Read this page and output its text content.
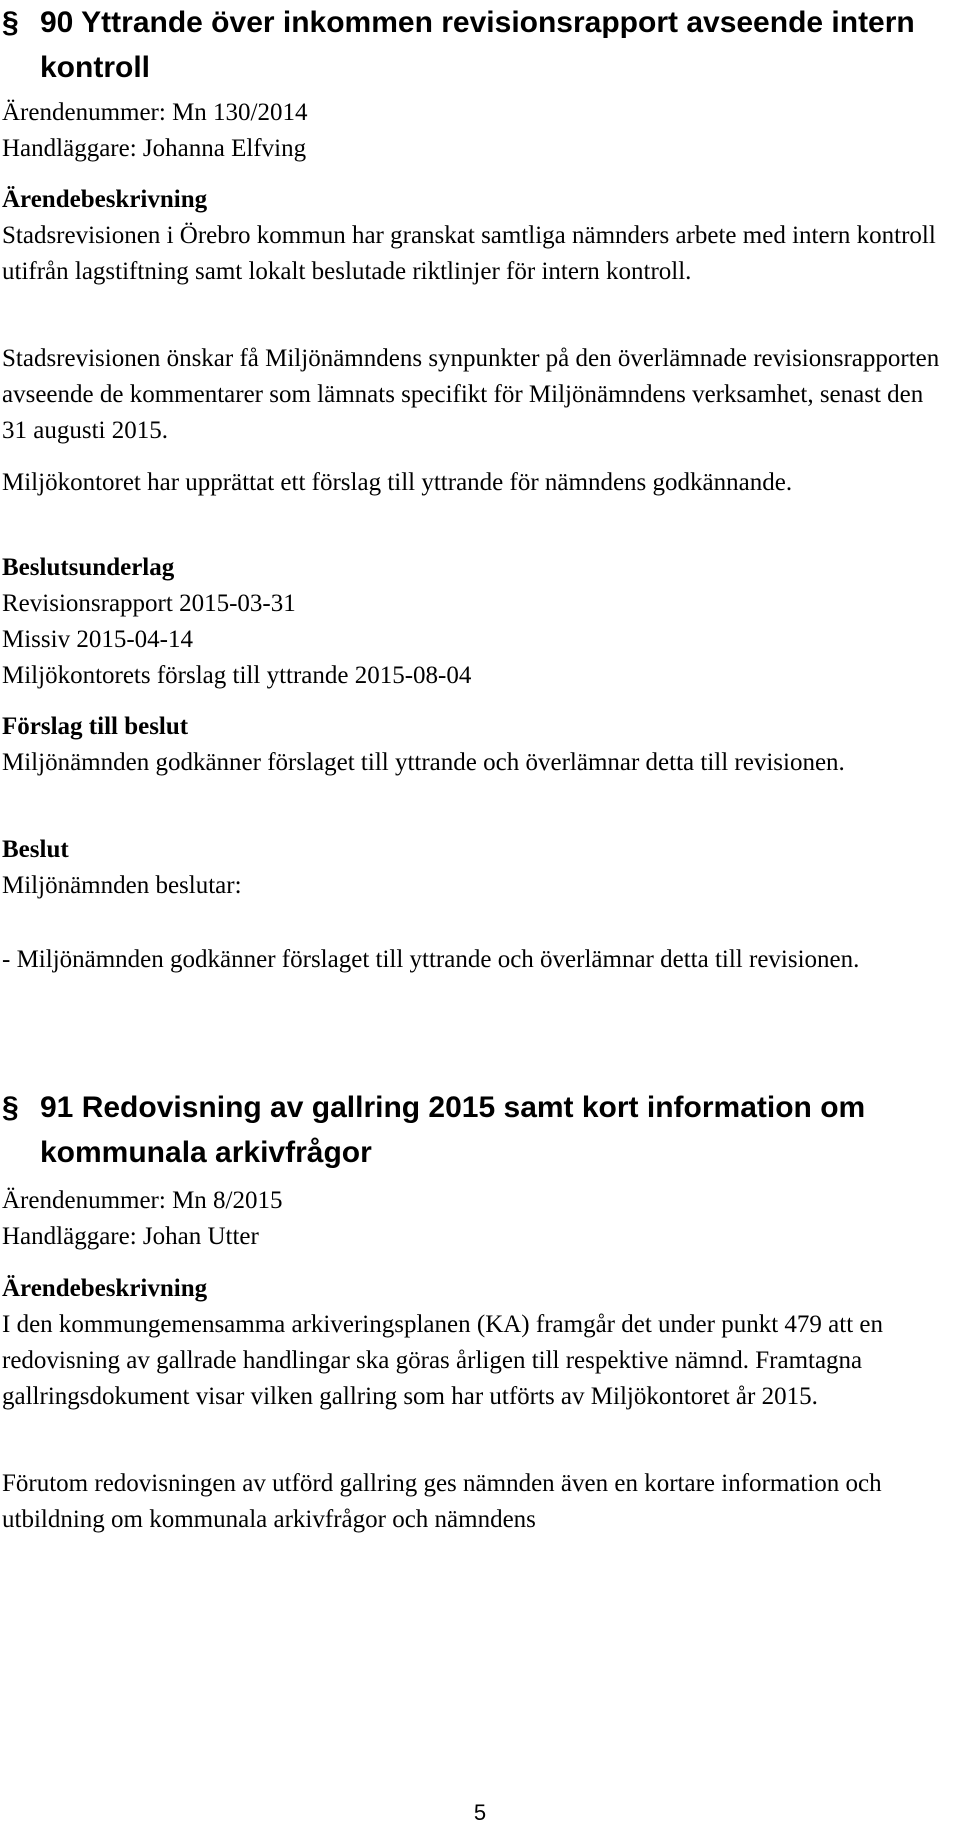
§ 90 Yttrande över inkommen revisionsrapport avseende intern kontroll
Ärendenummer: Mn 130/2014
Handläggare: Johanna Elfving
Ärendebeskrivning
Stadsrevisionen i Örebro kommun har granskat samtliga nämnders arbete med intern kontroll utifrån lagstiftning samt lokalt beslutade riktlinjer för intern kontroll.
Stadsrevisionen önskar få Miljönämndens synpunkter på den överlämnade revisionsrapporten avseende de kommentarer som lämnats specifikt för Miljönämndens verksamhet, senast den 31 augusti 2015.
Miljökontoret har upprättat ett förslag till yttrande för nämndens godkännande.
Beslutsunderlag
Revisionsrapport 2015-03-31
Missiv 2015-04-14
Miljökontorets förslag till yttrande 2015-08-04
Förslag till beslut
Miljönämnden godkänner förslaget till yttrande och överlämnar detta till revisionen.
Beslut
Miljönämnden beslutar:
- Miljönämnden godkänner förslaget till yttrande och överlämnar detta till revisionen.
§ 91 Redovisning av gallring 2015 samt kort information om kommunala arkivfrågor
Ärendenummer: Mn 8/2015
Handläggare: Johan Utter
Ärendebeskrivning
I den kommungemensamma arkiveringsplanen (KA) framgår det under punkt 479 att en redovisning av gallrade handlingar ska göras årligen till respektive nämnd. Framtagna gallringsdokument visar vilken gallring som har utförts av Miljökontoret år 2015.
Förutom redovisningen av utförd gallring ges nämnden även en kortare information och utbildning om kommunala arkivfrågor och nämndens
5
